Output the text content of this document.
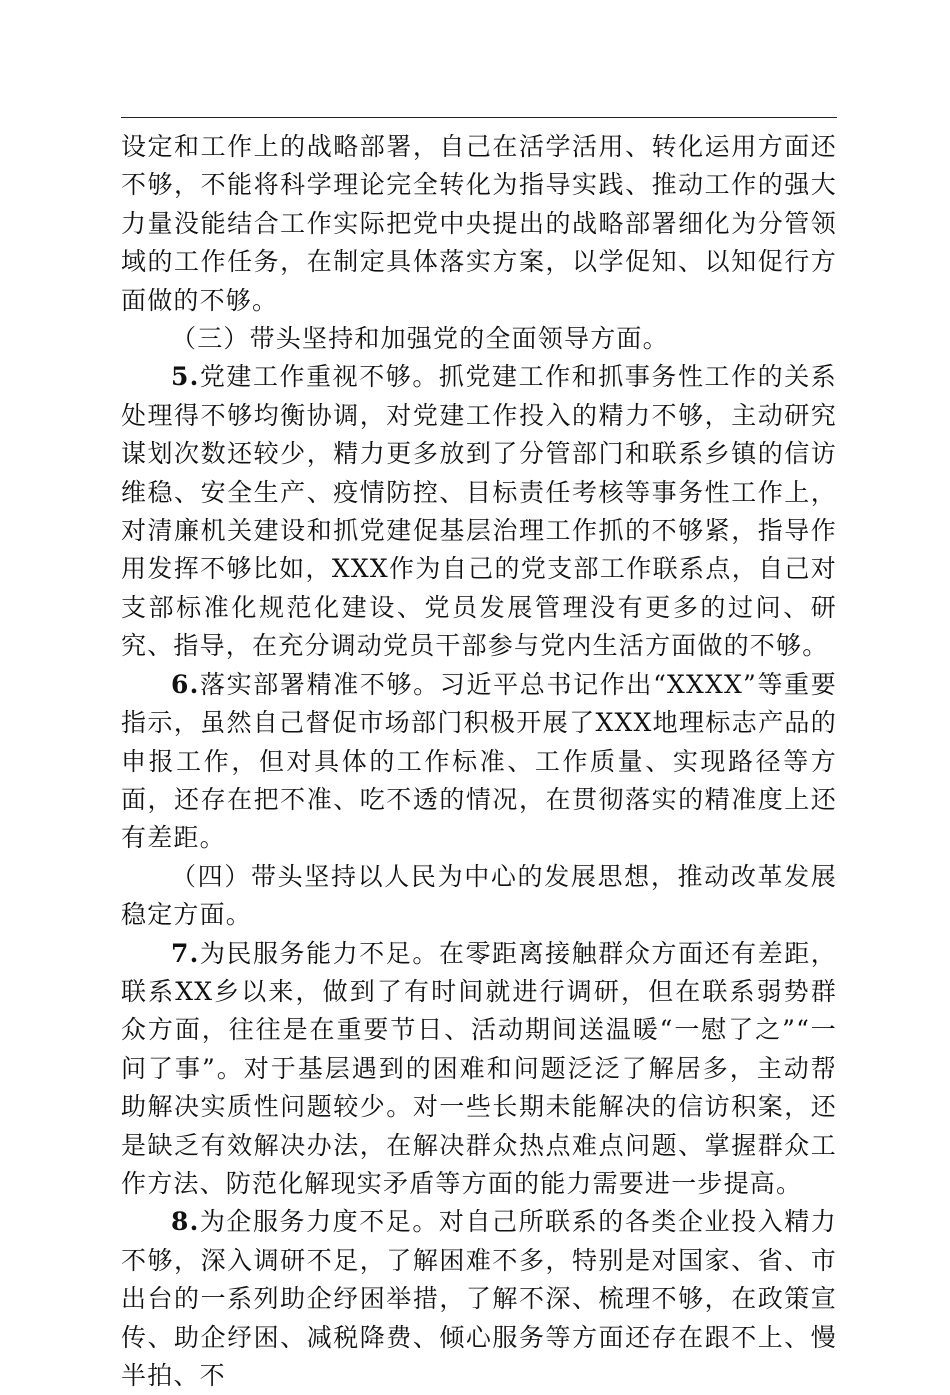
设定和工作上的战略部署，自己在活学活用、转化运用方面还不够，不能将科学理论完全转化为指导实践、推动工作的强大力量没能结合工作实际把党中央提出的战略部署细化为分管领域的工作任务，在制定具体落实方案，以学促知、以知促行方面做的不够。

（三）带头坚持和加强党的全面领导方面。

5.党建工作重视不够。抓党建工作和抓事务性工作的关系处理得不够均衡协调，对党建工作投入的精力不够，主动研究谋划次数还较少，精力更多放到了分管部门和联系乡镇的信访维稳、安全生产、疫情防控、目标责任考核等事务性工作上，对清廉机关建设和抓党建促基层治理工作抓的不够紧，指导作用发挥不够比如，XXX作为自己的党支部工作联系点，自己对支部标准化规范化建设、党员发展管理没有更多的过问、研究、指导，在充分调动党员干部参与党内生活方面做的不够。

6.落实部署精准不够。习近平总书记作出“XXXX”等重要指示，虽然自己督促市场部门积极开展了XXX地理标志产品的申报工作，但对具体的工作标准、工作质量、实现路径等方面，还存在把不准、吃不透的情况，在贯彻落实的精准度上还有差距。

（四）带头坚持以人民为中心的发展思想，推动改革发展稳定方面。

7.为民服务能力不足。在零距离接触群众方面还有差距，联系XX乡以来，做到了有时间就进行调研，但在联系弱势群众方面，往往是在重要节日、活动期间送温暖“一慰了之”“一问了事”。对于基层遇到的困难和问题泛泛了解居多，主动帮助解决实质性问题较少。对一些长期未能解决的信访积案，还是缺乏有效解决办法，在解决群众热点难点问题、掌握群众工作方法、防范化解现实矛盾等方面的能力需要进一步提高。

8.为企服务力度不足。对自己所联系的各类企业投入精力不够，深入调研不足，了解困难不多，特别是对国家、省、市出台的一系列助企纾困举措，了解不深、梳理不够，在政策宣传、助企纾困、减税降费、倾心服务等方面还存在跟不上、慢半拍、不
